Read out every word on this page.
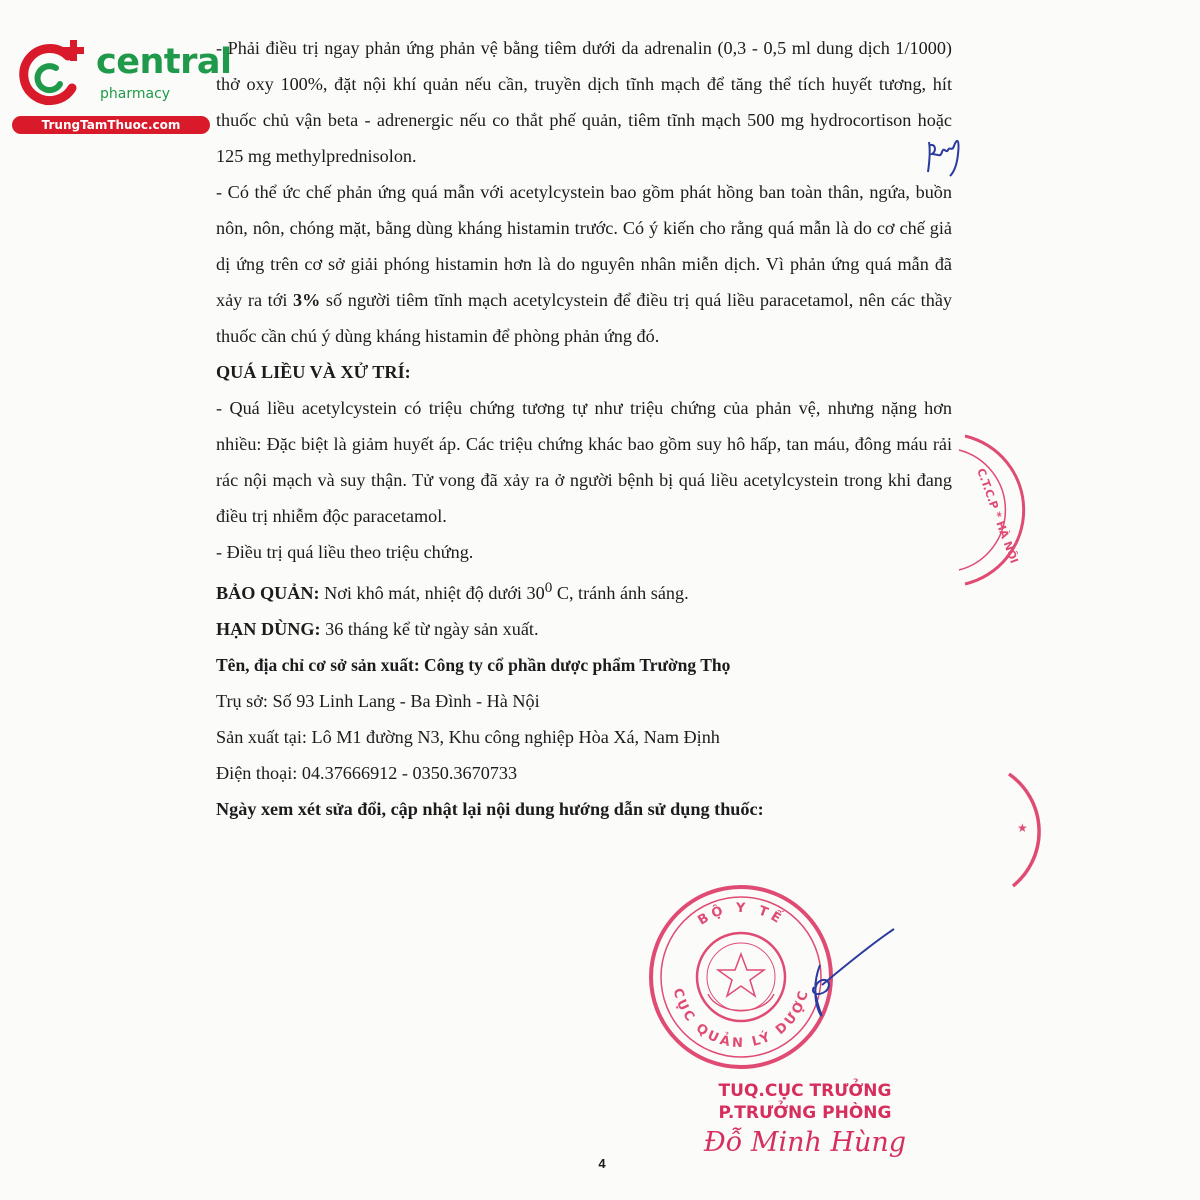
central
pharmacy
TrungTamThuoc.com

- Phải điều trị ngay phản ứng phản vệ bằng tiêm dưới da adrenalin (0,3 - 0,5 ml dung dịch 1/1000) thở oxy 100%, đặt nội khí quản nếu cần, truyền dịch tĩnh mạch để tăng thể tích huyết tương, hít thuốc chủ vận beta - adrenergic nếu co thắt phế quản, tiêm tĩnh mạch 500 mg hydrocortison hoặc 125 mg methylprednisolon.

- Có thể ức chế phản ứng quá mẫn với acetylcystein bao gồm phát hồng ban toàn thân, ngứa, buồn nôn, nôn, chóng mặt, bằng dùng kháng histamin trước. Có ý kiến cho rằng quá mẫn là do cơ chế giả dị ứng trên cơ sở giải phóng histamin hơn là do nguyên nhân miễn dịch. Vì phản ứng quá mẫn đã xảy ra tới 3% số người tiêm tĩnh mạch acetylcystein để điều trị quá liều paracetamol, nên các thầy thuốc cần chú ý dùng kháng histamin để phòng phản ứng đó.

QUÁ LIỀU VÀ XỬ TRÍ:

- Quá liều acetylcystein có triệu chứng tương tự như triệu chứng của phản vệ, nhưng nặng hơn nhiều: Đặc biệt là giảm huyết áp. Các triệu chứng khác bao gồm suy hô hấp, tan máu, đông máu rải rác nội mạch và suy thận. Tử vong đã xảy ra ở người bệnh bị quá liều acetylcystein trong khi đang điều trị nhiễm độc paracetamol.

- Điều trị quá liều theo triệu chứng.

BẢO QUẢN: Nơi khô mát, nhiệt độ dưới $30^0$ C, tránh ánh sáng.

HẠN DÙNG: 36 tháng kể từ ngày sản xuất.

Tên, địa chỉ cơ sở sản xuất: Công ty cổ phần dược phẩm Trường Thọ

Trụ sở: Số 93 Linh Lang - Ba Đình - Hà Nội

Sản xuất tại: Lô M1 đường N3, Khu công nghiệp Hòa Xá, Nam Định

Điện thoại: 04.37666912 - 0350.3670733

Ngày xem xét sửa đổi, cập nhật lại nội dung hướng dẫn sử dụng thuốc:

C.T.C.P * HÀ NỘI
★
BỘ Y TẾ
CỤC QUẢN LÝ DƯỢC
TUQ.CỤC TRƯỞNG
P.TRƯỞNG PHÒNG
Đỗ Minh Hùng
4
